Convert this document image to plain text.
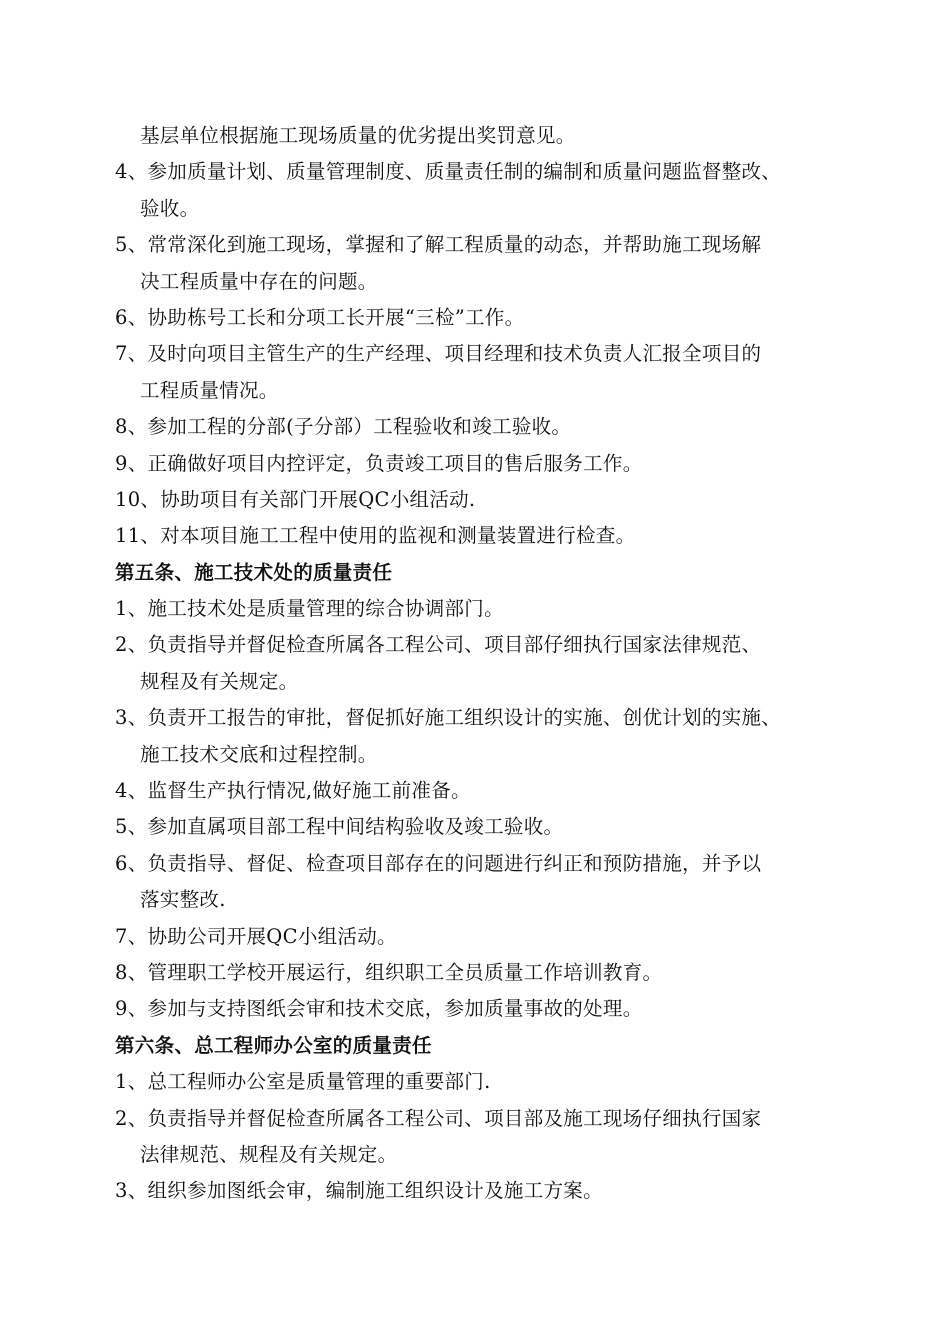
基层单位根据施工现场质量的优劣提出奖罚意见。
4、参加质量计划、质量管理制度、质量责任制的编制和质量问题监督整改、
验收。
5、常常深化到施工现场，掌握和了解工程质量的动态，并帮助施工现场解
决工程质量中存在的问题。
6、协助栋号工长和分项工长开展“三检”工作。
7、及时向项目主管生产的生产经理、项目经理和技术负责人汇报全项目的
工程质量情况。
8、参加工程的分部(子分部）工程验收和竣工验收。
9、正确做好项目内控评定，负责竣工项目的售后服务工作。
10、协助项目有关部门开展QC小组活动.
11、对本项目施工工程中使用的监视和测量装置进行检查。
第五条、施工技术处的质量责任
1、施工技术处是质量管理的综合协调部门。
2、负责指导并督促检查所属各工程公司、项目部仔细执行国家法律规范、
规程及有关规定。
3、负责开工报告的审批，督促抓好施工组织设计的实施、创优计划的实施、
施工技术交底和过程控制。
4、监督生产执行情况,做好施工前准备。
5、参加直属项目部工程中间结构验收及竣工验收。
6、负责指导、督促、检查项目部存在的问题进行纠正和预防措施，并予以
落实整改.
7、协助公司开展QC小组活动。
8、管理职工学校开展运行，组织职工全员质量工作培训教育。
9、参加与支持图纸会审和技术交底，参加质量事故的处理。
第六条、总工程师办公室的质量责任
1、总工程师办公室是质量管理的重要部门.
2、负责指导并督促检查所属各工程公司、项目部及施工现场仔细执行国家
法律规范、规程及有关规定。
3、组织参加图纸会审，编制施工组织设计及施工方案。
